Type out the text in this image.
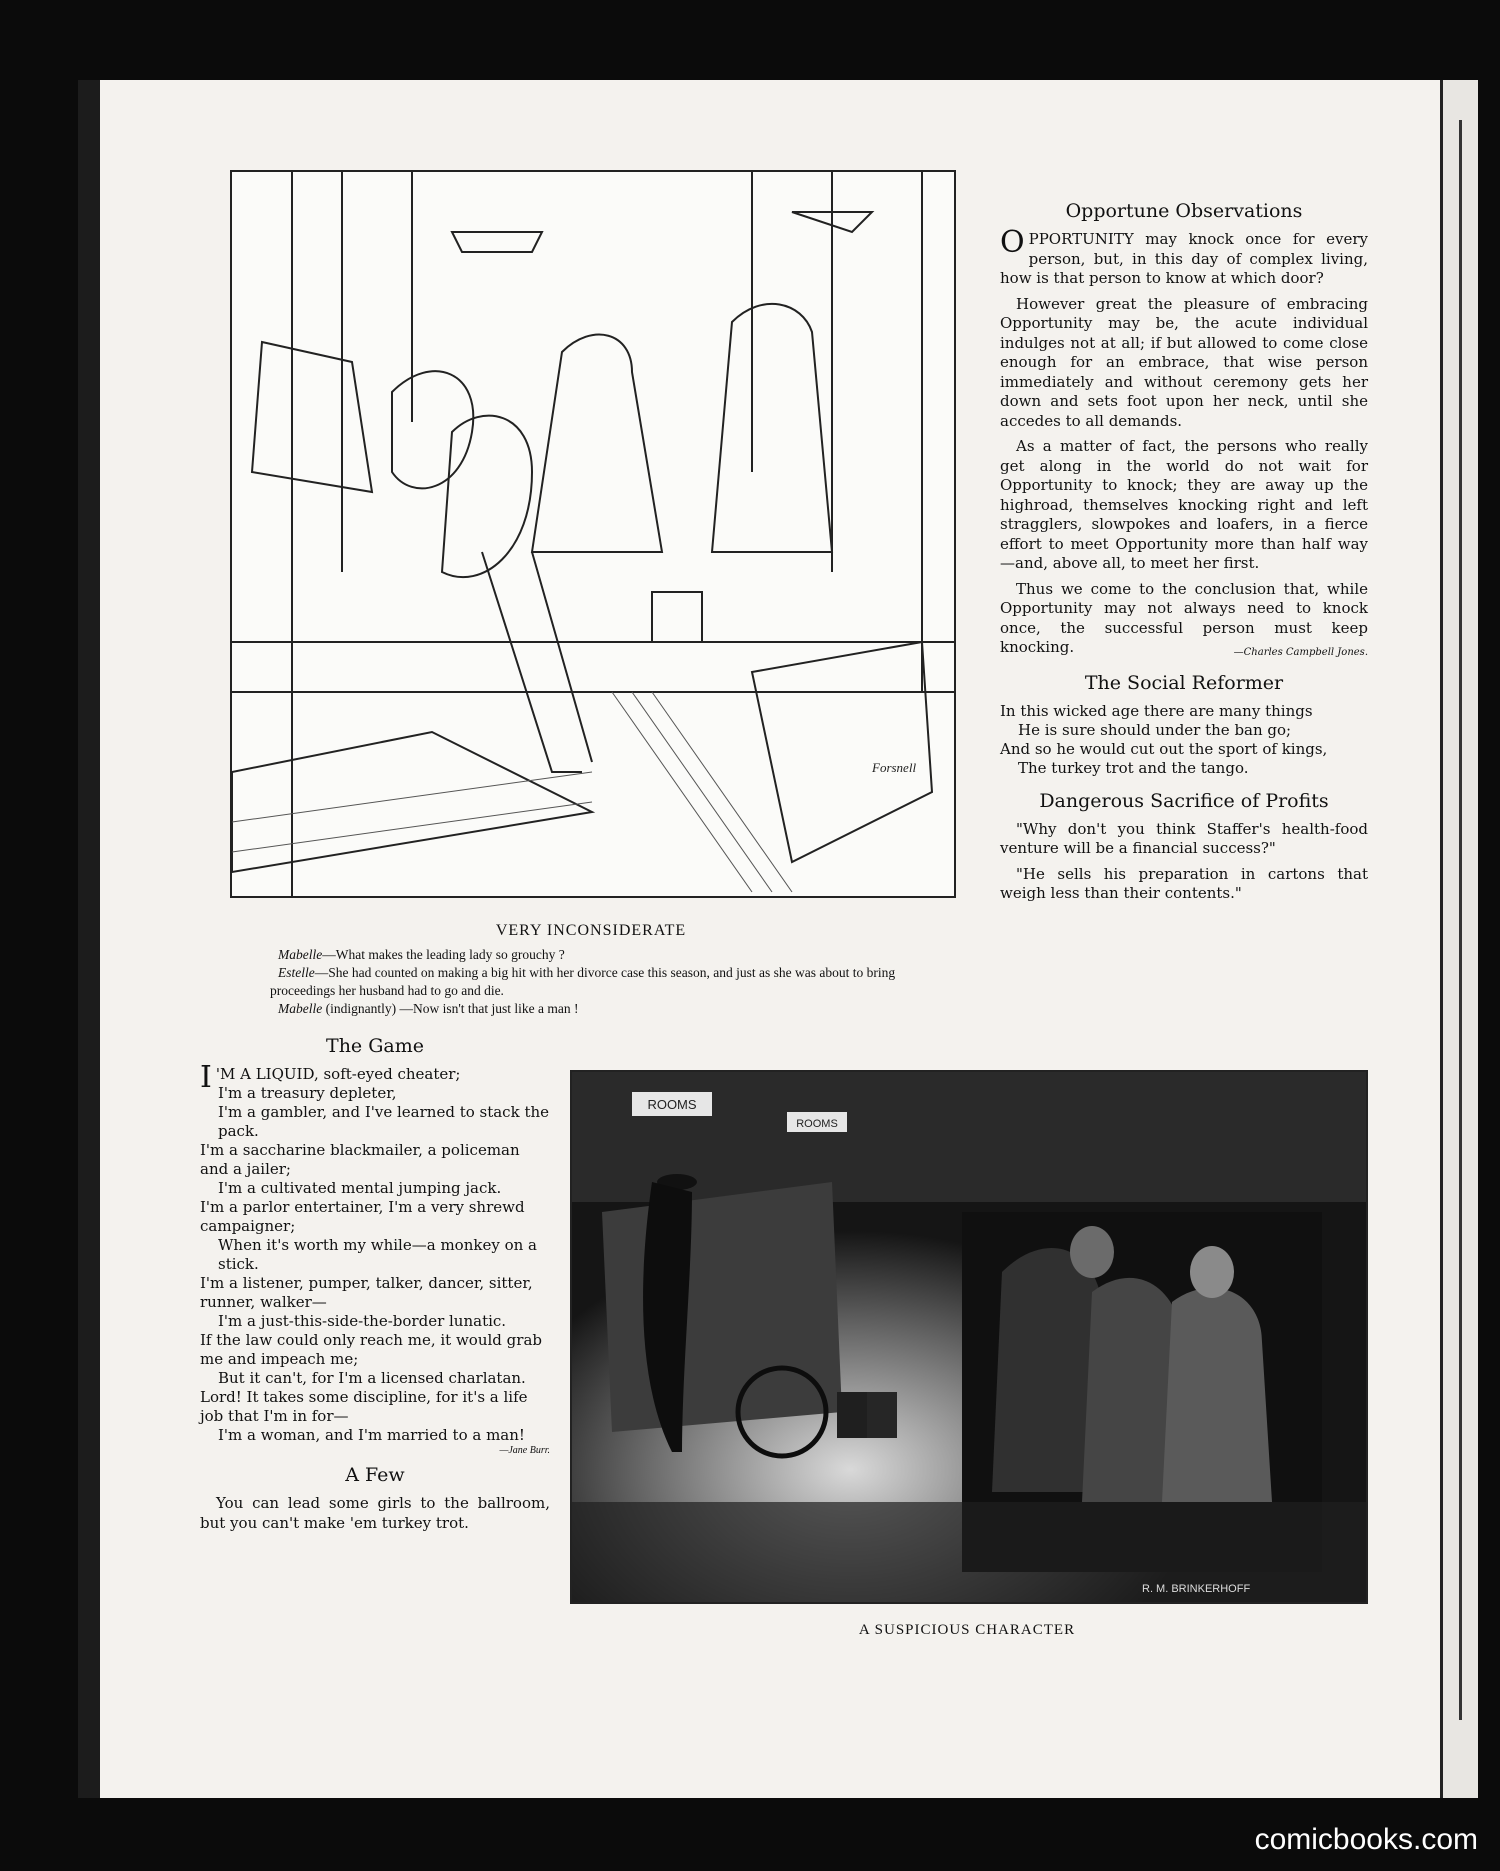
Forsnell
VERY INCONSIDERATE

Mabelle—What makes the leading lady so grouchy ?

Estelle—She had counted on making a big hit with her divorce case this season, and just as she was about to bring proceedings her husband had to go and die.

Mabelle (indignantly) —Now isn't that just like a man !

Opportune Observations

OPPORTUNITY may knock once for every person, but, in this day of complex living, how is that person to know at which door?

However great the pleasure of embracing Opportunity may be, the acute individual indulges not at all; if but allowed to come close enough for an embrace, that wise person immediately and without ceremony gets her down and sets foot upon her neck, until she accedes to all demands.

As a matter of fact, the persons who really get along in the world do not wait for Opportunity to knock; they are away up the highroad, themselves knocking right and left stragglers, slowpokes and loafers, in a fierce effort to meet Opportunity more than half way—and, above all, to meet her first.

Thus we come to the conclusion that, while Opportunity may not always need to knock once, the successful person must keep knocking.	—Charles Campbell Jones.

The Social Reformer
In this wicked age there are many things
He is sure should under the ban go;
And so he would cut out the sport of kings,
The turkey trot and the tango.
Dangerous Sacrifice of Profits

"Why don't you think Staffer's health-food venture will be a financial success?"

"He sells his preparation in cartons that weigh less than their contents."

The Game
I 'M A LIQUID, soft-eyed cheater;
I'm a treasury depleter,
I'm a gambler, and I've learned to stack the pack.
I'm a saccharine blackmailer, a policeman and a jailer;
I'm a cultivated mental jumping jack.
I'm a parlor entertainer, I'm a very shrewd campaigner;
When it's worth my while—a monkey on a stick.
I'm a listener, pumper, talker, dancer, sitter, runner, walker—
I'm a just-this-side-the-border lunatic.
If the law could only reach me, it would grab me and impeach me;
But it can't, for I'm a licensed charlatan.
Lord! It takes some discipline, for it's a life job that I'm in for—
I'm a woman, and I'm married to a man!
—Jane Burr.
A Few

You can lead some girls to the ballroom, but you can't make 'em turkey trot.

ROOMS
ROOMS
R. M. BRINKERHOFF
A SUSPICIOUS CHARACTER
comicbooks.com
